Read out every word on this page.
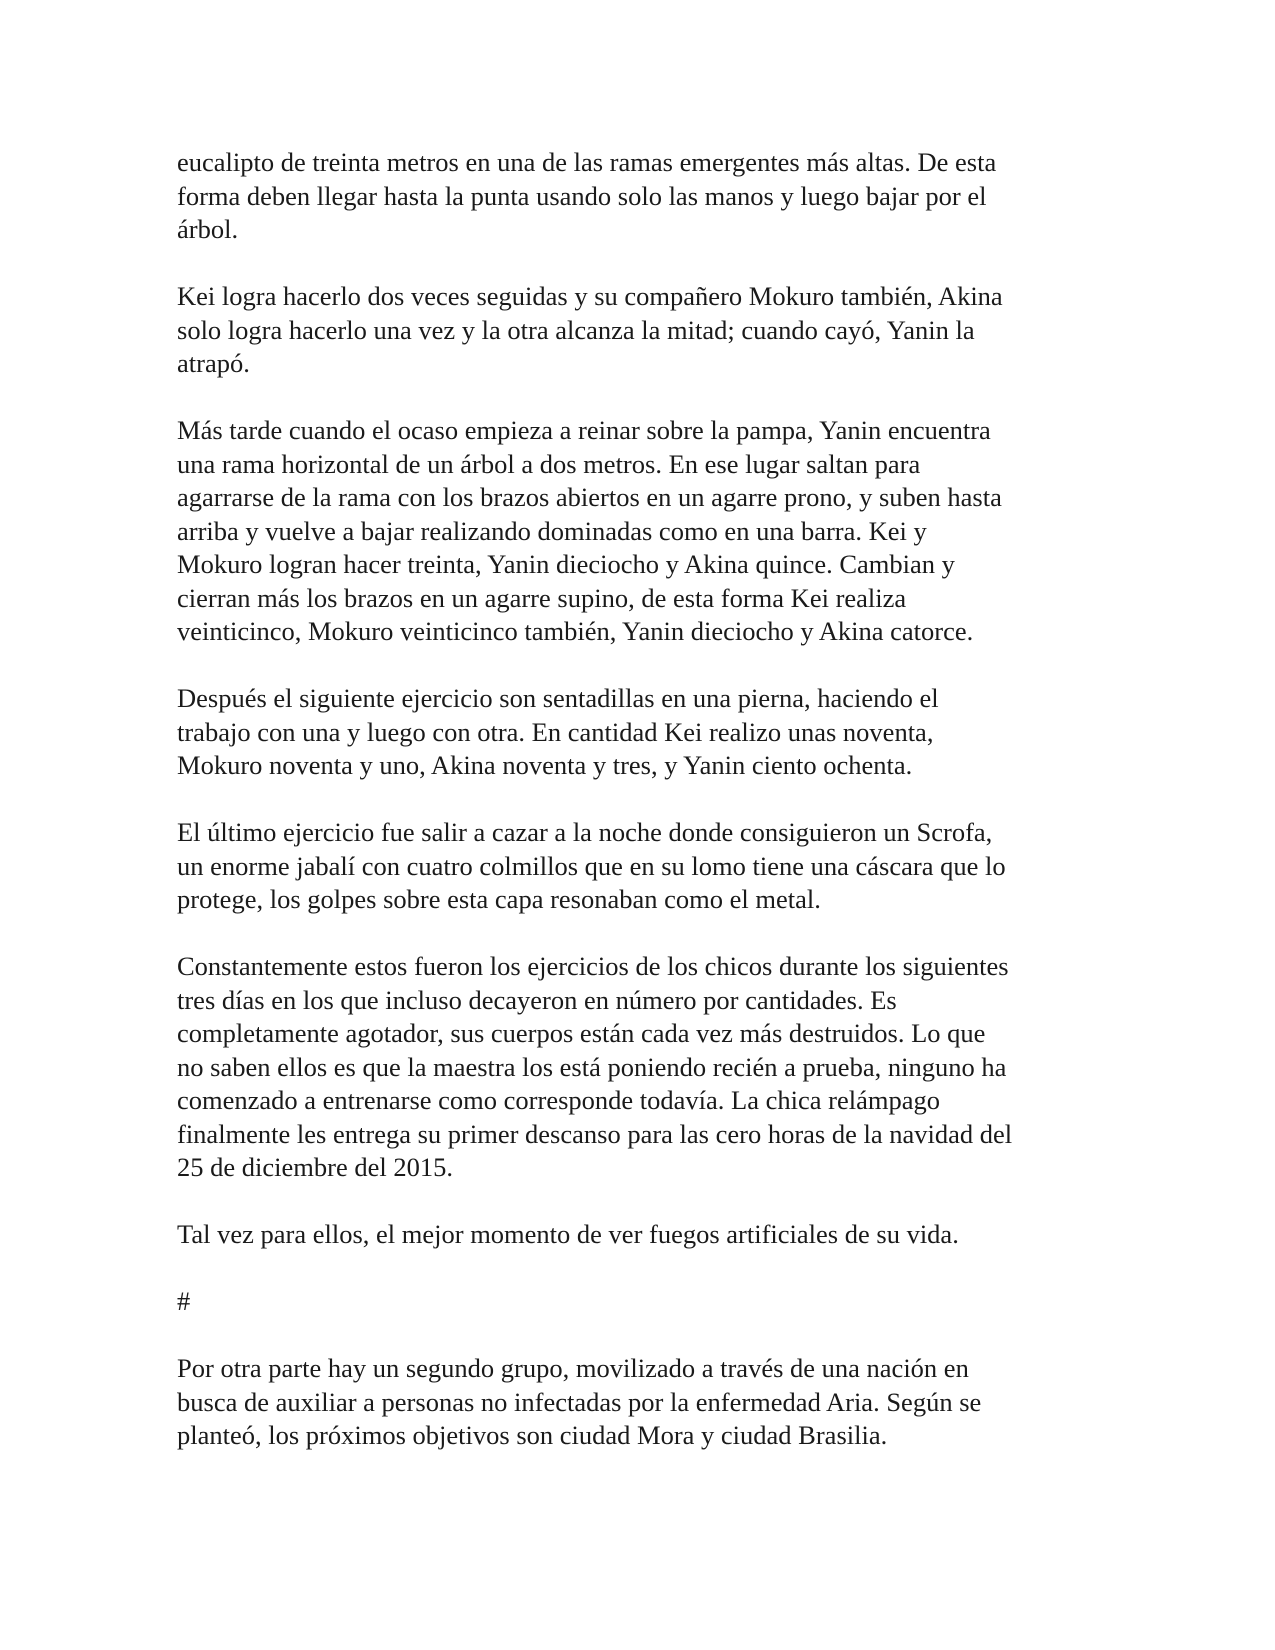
eucalipto de treinta metros en una de las ramas emergentes más altas. De esta
forma deben llegar hasta la punta usando solo las manos y luego bajar por el
árbol.

Kei logra hacerlo dos veces seguidas y su compañero Mokuro también, Akina
solo logra hacerlo una vez y la otra alcanza la mitad; cuando cayó, Yanin la
atrapó.

Más tarde cuando el ocaso empieza a reinar sobre la pampa, Yanin encuentra
una rama horizontal de un árbol a dos metros. En ese lugar saltan para
agarrarse de la rama con los brazos abiertos en un agarre prono, y suben hasta
arriba y vuelve a bajar realizando dominadas como en una barra. Kei y
Mokuro logran hacer treinta, Yanin dieciocho y Akina quince. Cambian y
cierran más los brazos en un agarre supino, de esta forma Kei realiza
veinticinco, Mokuro veinticinco también, Yanin dieciocho y Akina catorce.

Después el siguiente ejercicio son sentadillas en una pierna, haciendo el
trabajo con una y luego con otra. En cantidad Kei realizo unas noventa,
Mokuro noventa y uno, Akina noventa y tres, y Yanin ciento ochenta.

El último ejercicio fue salir a cazar a la noche donde consiguieron un Scrofa,
un enorme jabalí con cuatro colmillos que en su lomo tiene una cáscara que lo
protege, los golpes sobre esta capa resonaban como el metal.

Constantemente estos fueron los ejercicios de los chicos durante los siguientes
tres días en los que incluso decayeron en número por cantidades. Es
completamente agotador, sus cuerpos están cada vez más destruidos. Lo que
no saben ellos es que la maestra los está poniendo recién a prueba, ninguno ha
comenzado a entrenarse como corresponde todavía. La chica relámpago
finalmente les entrega su primer descanso para las cero horas de la navidad del
25 de diciembre del 2015.

Tal vez para ellos, el mejor momento de ver fuegos artificiales de su vida.

#

Por otra parte hay un segundo grupo, movilizado a través de una nación en
busca de auxiliar a personas no infectadas por la enfermedad Aria. Según se
planteó, los próximos objetivos son ciudad Mora y ciudad Brasilia.
